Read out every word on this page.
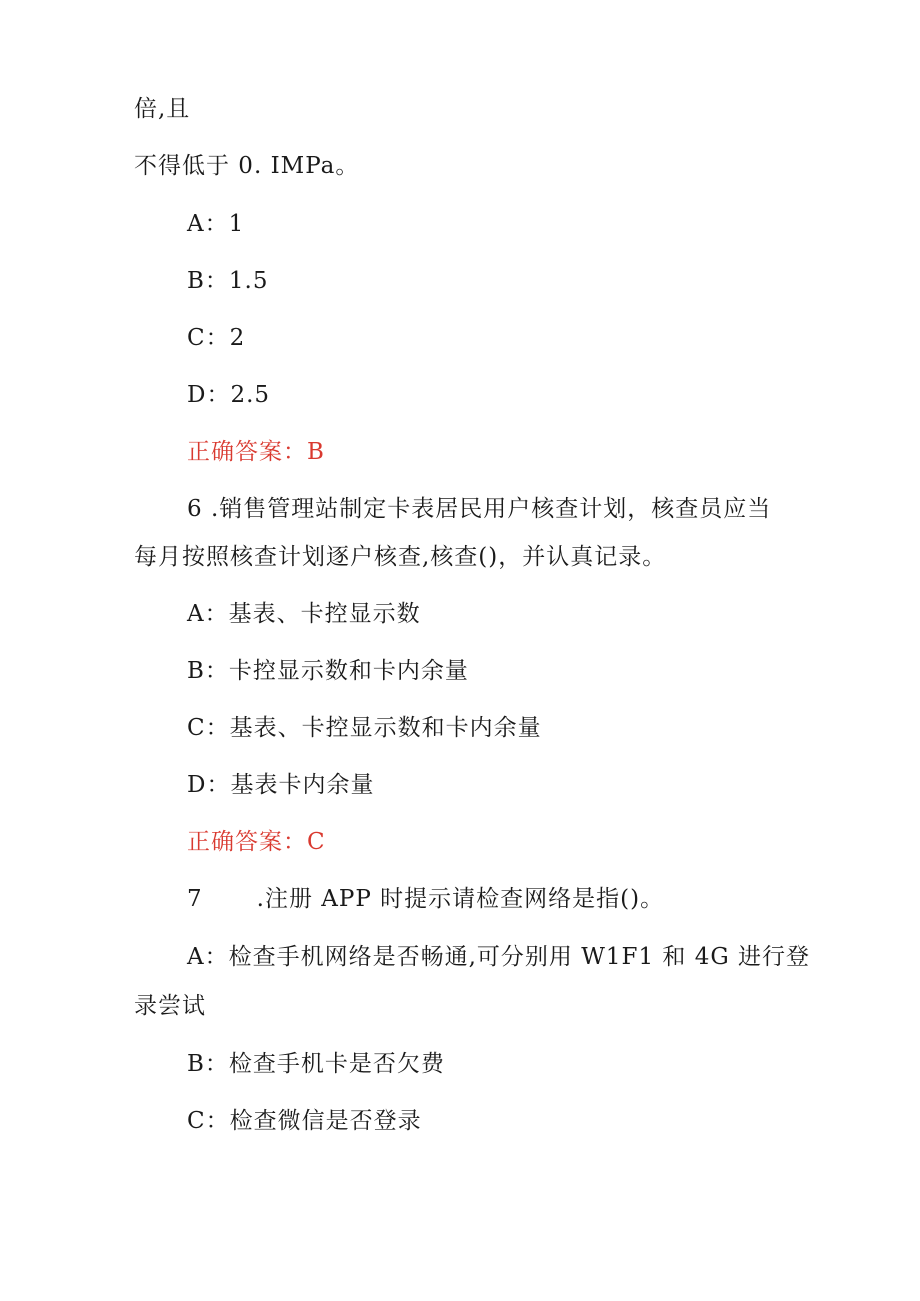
倍,且
不得低于 0. IMPa。
A：1
B：1.5
C：2
D：2.5
正确答案：B
6 .销售管理站制定卡表居民用户核查计划，核查员应当
每月按照核查计划逐户核查,核查()，并认真记录。
A：基表、卡控显示数
B：卡控显示数和卡内余量
C：基表、卡控显示数和卡内余量
D：基表卡内余量
正确答案：C
7 .注册 APP 时提示请检查网络是指()。
A：检查手机网络是否畅通,可分别用 W1F1 和 4G 进行登
录尝试
B：检查手机卡是否欠费
C：检查微信是否登录
